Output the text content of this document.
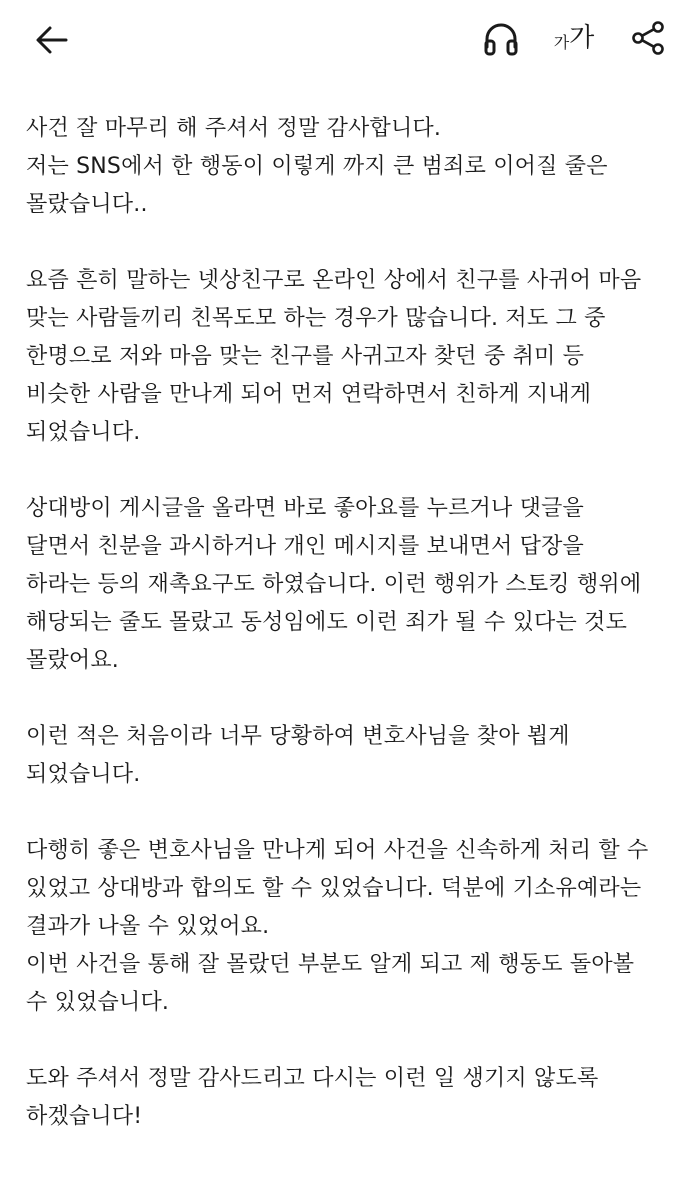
가 가

사건 잘 마무리 해 주셔서 정말 감사합니다.
저는 SNS에서 한 행동이 이렇게 까지 큰 범죄로 이어질 줄은
몰랐습니다..

요즘 흔히 말하는 넷상친구로 온라인 상에서 친구를 사귀어 마음
맞는 사람들끼리 친목도모 하는 경우가 많습니다. 저도 그 중
한명으로 저와 마음 맞는 친구를 사귀고자 찾던 중 취미 등
비슷한 사람을 만나게 되어 먼저 연락하면서 친하게 지내게
되었습니다.

상대방이 게시글을 올라면 바로 좋아요를 누르거나 댓글을
달면서 친분을 과시하거나 개인 메시지를 보내면서 답장을
하라는 등의 재촉요구도 하였습니다. 이런 행위가 스토킹 행위에
해당되는 줄도 몰랐고 동성임에도 이런 죄가 될 수 있다는 것도
몰랐어요.

이런 적은 처음이라 너무 당황하여 변호사님을 찾아 뵙게
되었습니다.

다행히 좋은 변호사님을 만나게 되어 사건을 신속하게 처리 할 수
있었고 상대방과 합의도 할 수 있었습니다. 덕분에 기소유예라는
결과가 나올 수 있었어요.
이번 사건을 통해 잘 몰랐던 부분도 알게 되고 제 행동도 돌아볼
수 있었습니다.

도와 주셔서 정말 감사드리고 다시는 이런 일 생기지 않도록
하겠습니다!
